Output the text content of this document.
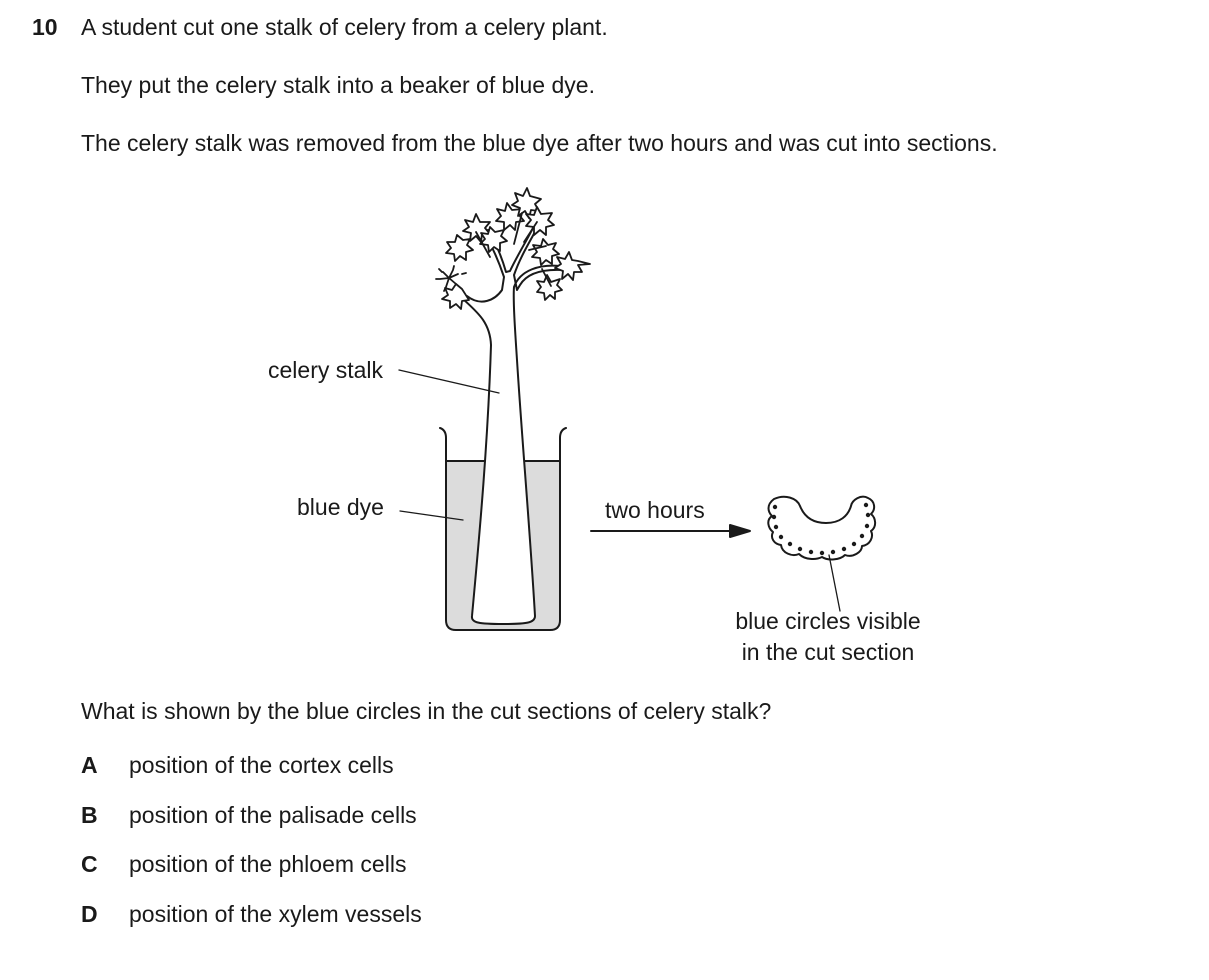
10 A student cut one stalk of celery from a celery plant.
They put the celery stalk into a beaker of blue dye.
The celery stalk was removed from the blue dye after two hours and was cut into sections.
celery stalk
blue dye	two hours
blue circles visible
in the cut section
What is shown by the blue circles in the cut sections of celery stalk?
A position of the cortex cells
B position of the palisade cells
C position of the phloem cells
D position of the xylem vessels
